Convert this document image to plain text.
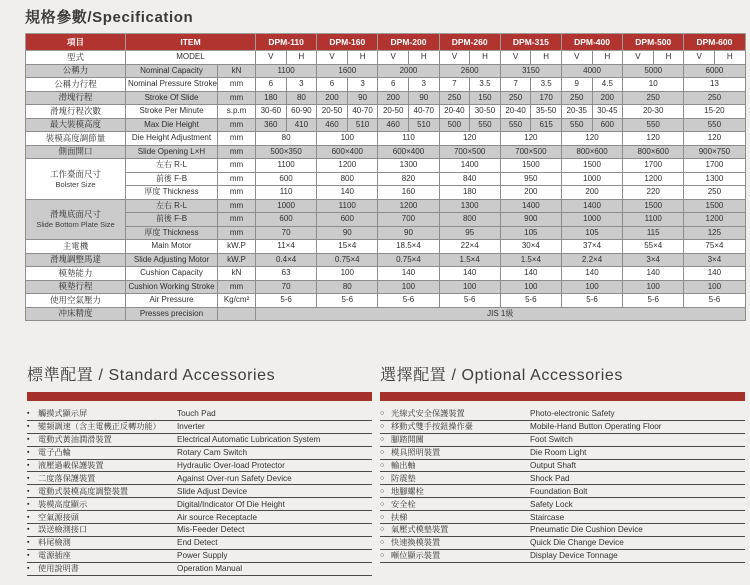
規格參數/Specification
項目	ITEM		DPM-110		DPM-160		DPM-200		DPM-260		DPM-315		DPM-400		DPM-500		DPM-600	
型式	MODEL		V	H	V	H	V	H	V	H	V	H	V	H	V	H	V	H
公稱力	Nominal Capacity	kN	1100		1600		2000		2600		3150		4000		5000		6000	
公稱力行程	Nominal Pressure Stroke	mm	6	3	6	3	6	3	7	3.5	7	3.5	9	4.5	10		13	
滑塊行程	Stroke Of Slide	mm	180	80	200	90	200	90	250	150	250	170	250	200	250		250	
滑塊行程次數	Stroke Per Minute	s.p.m	30-60	60-90	20-50	40-70	20-50	40-70	20-40	30-50	20-40	35-50	20-35	30-45	20-30		15-20	
最大裝模高度	Max Die Height	mm	360	410	460	510	460	510	500	550	550	615	550	600	550		550	
裝模高度調節量	Die Height Adjustment	mm	80		100		110		120		120		120		120		120	
側面開口	Slide Opening L×H	mm	500×350		600×400		600×400		700×500		700×500		800×600		800×600		900×750	
工作臺面尺寸
Bolster Size	左右 R-L	mm	1100		1200		1300		1400		1500		1500		1700		1700	
	前後 F-B	mm	600		800		820		840		950		1000		1200		1300	
	厚度 Thickness	mm	110		140		160		180		200		200		220		250	
滑塊底面尺寸
Slide Bottom Plate Size	左右 R-L	mm	1000		1100		1200		1300		1400		1400		1500		1500	
	前後 F-B	mm	600		600		700		800		900		1000		1100		1200	
	厚度 Thickness	mm	70		90		90		95		105		105		115		125	
主電機	Main Motor	kW.P	11×4		15×4		18.5×4		22×4		30×4		37×4		55×4		75×4	
滑塊調整馬達	Slide Adjusting Motor	kW.P	0.4×4		0.75×4		0.75×4		1.5×4		1.5×4		2.2×4		3×4		3×4	
模墊能力	Cushion Capacity	kN	63		100		140		140		140		140		140		140	
模墊行程	Cushion Working Stroke	mm	70		80		100		100		100		100		100		100	
使用空氣壓力	Air Pressure	Kg/cm²	5-6		5-6		5-6		5-6		5-6		5-6		5-6		5-6	
冲床精度	Presses precision		JIS 1級															
標準配置 / Standard Accessories
▪	觸摸式顯示屏	Touch Pad
▪	變頻調速（含主電機正反轉功能）	Inverter
▪	電動式黃油潤滑裝置	Electrical Automatic Lubrication System
▪	電子凸輪	Rotary Cam Switch
▪	液壓過載保護裝置	Hydraulic Over-load Protector
▪	二度落保護裝置	Against Over-run Safety Device
▪	電動式裝模高度調整裝置	Slide Adjust Device
▪	裝模高度顯示	Digital/Indicator Of Die Height
▪	空氣源接頭	Air source Receptacle
▪	誤送檢測接口	Mis-Feeder Detect
▪	料尾檢測	End Detect
▪	電源插座	Power Supply
▪	使用說明書	Operation Manual
選擇配置 / Optional Accessories
○ 光線式安全保護裝置	Photo-electronic Safety
○ 移動式雙手按鈕操作臺	Mobile-Hand Button Operating Floor
○ 腳踏開關	Foot Switch
○ 模具照明裝置	Die Room Light
○ 輸出軸	Output Shaft
○ 防震墊	Shock Pad
○ 地腳螺栓	Foundation Bolt
○ 安全栓	Safety Lock
○ 扶梯	Staircase
○ 氣壓式模墊裝置	Pneumatic Die Cushion Device
○ 快速換模裝置	Quick Die Change Device
○ 噸位顯示裝置	Display Device Tonnage
